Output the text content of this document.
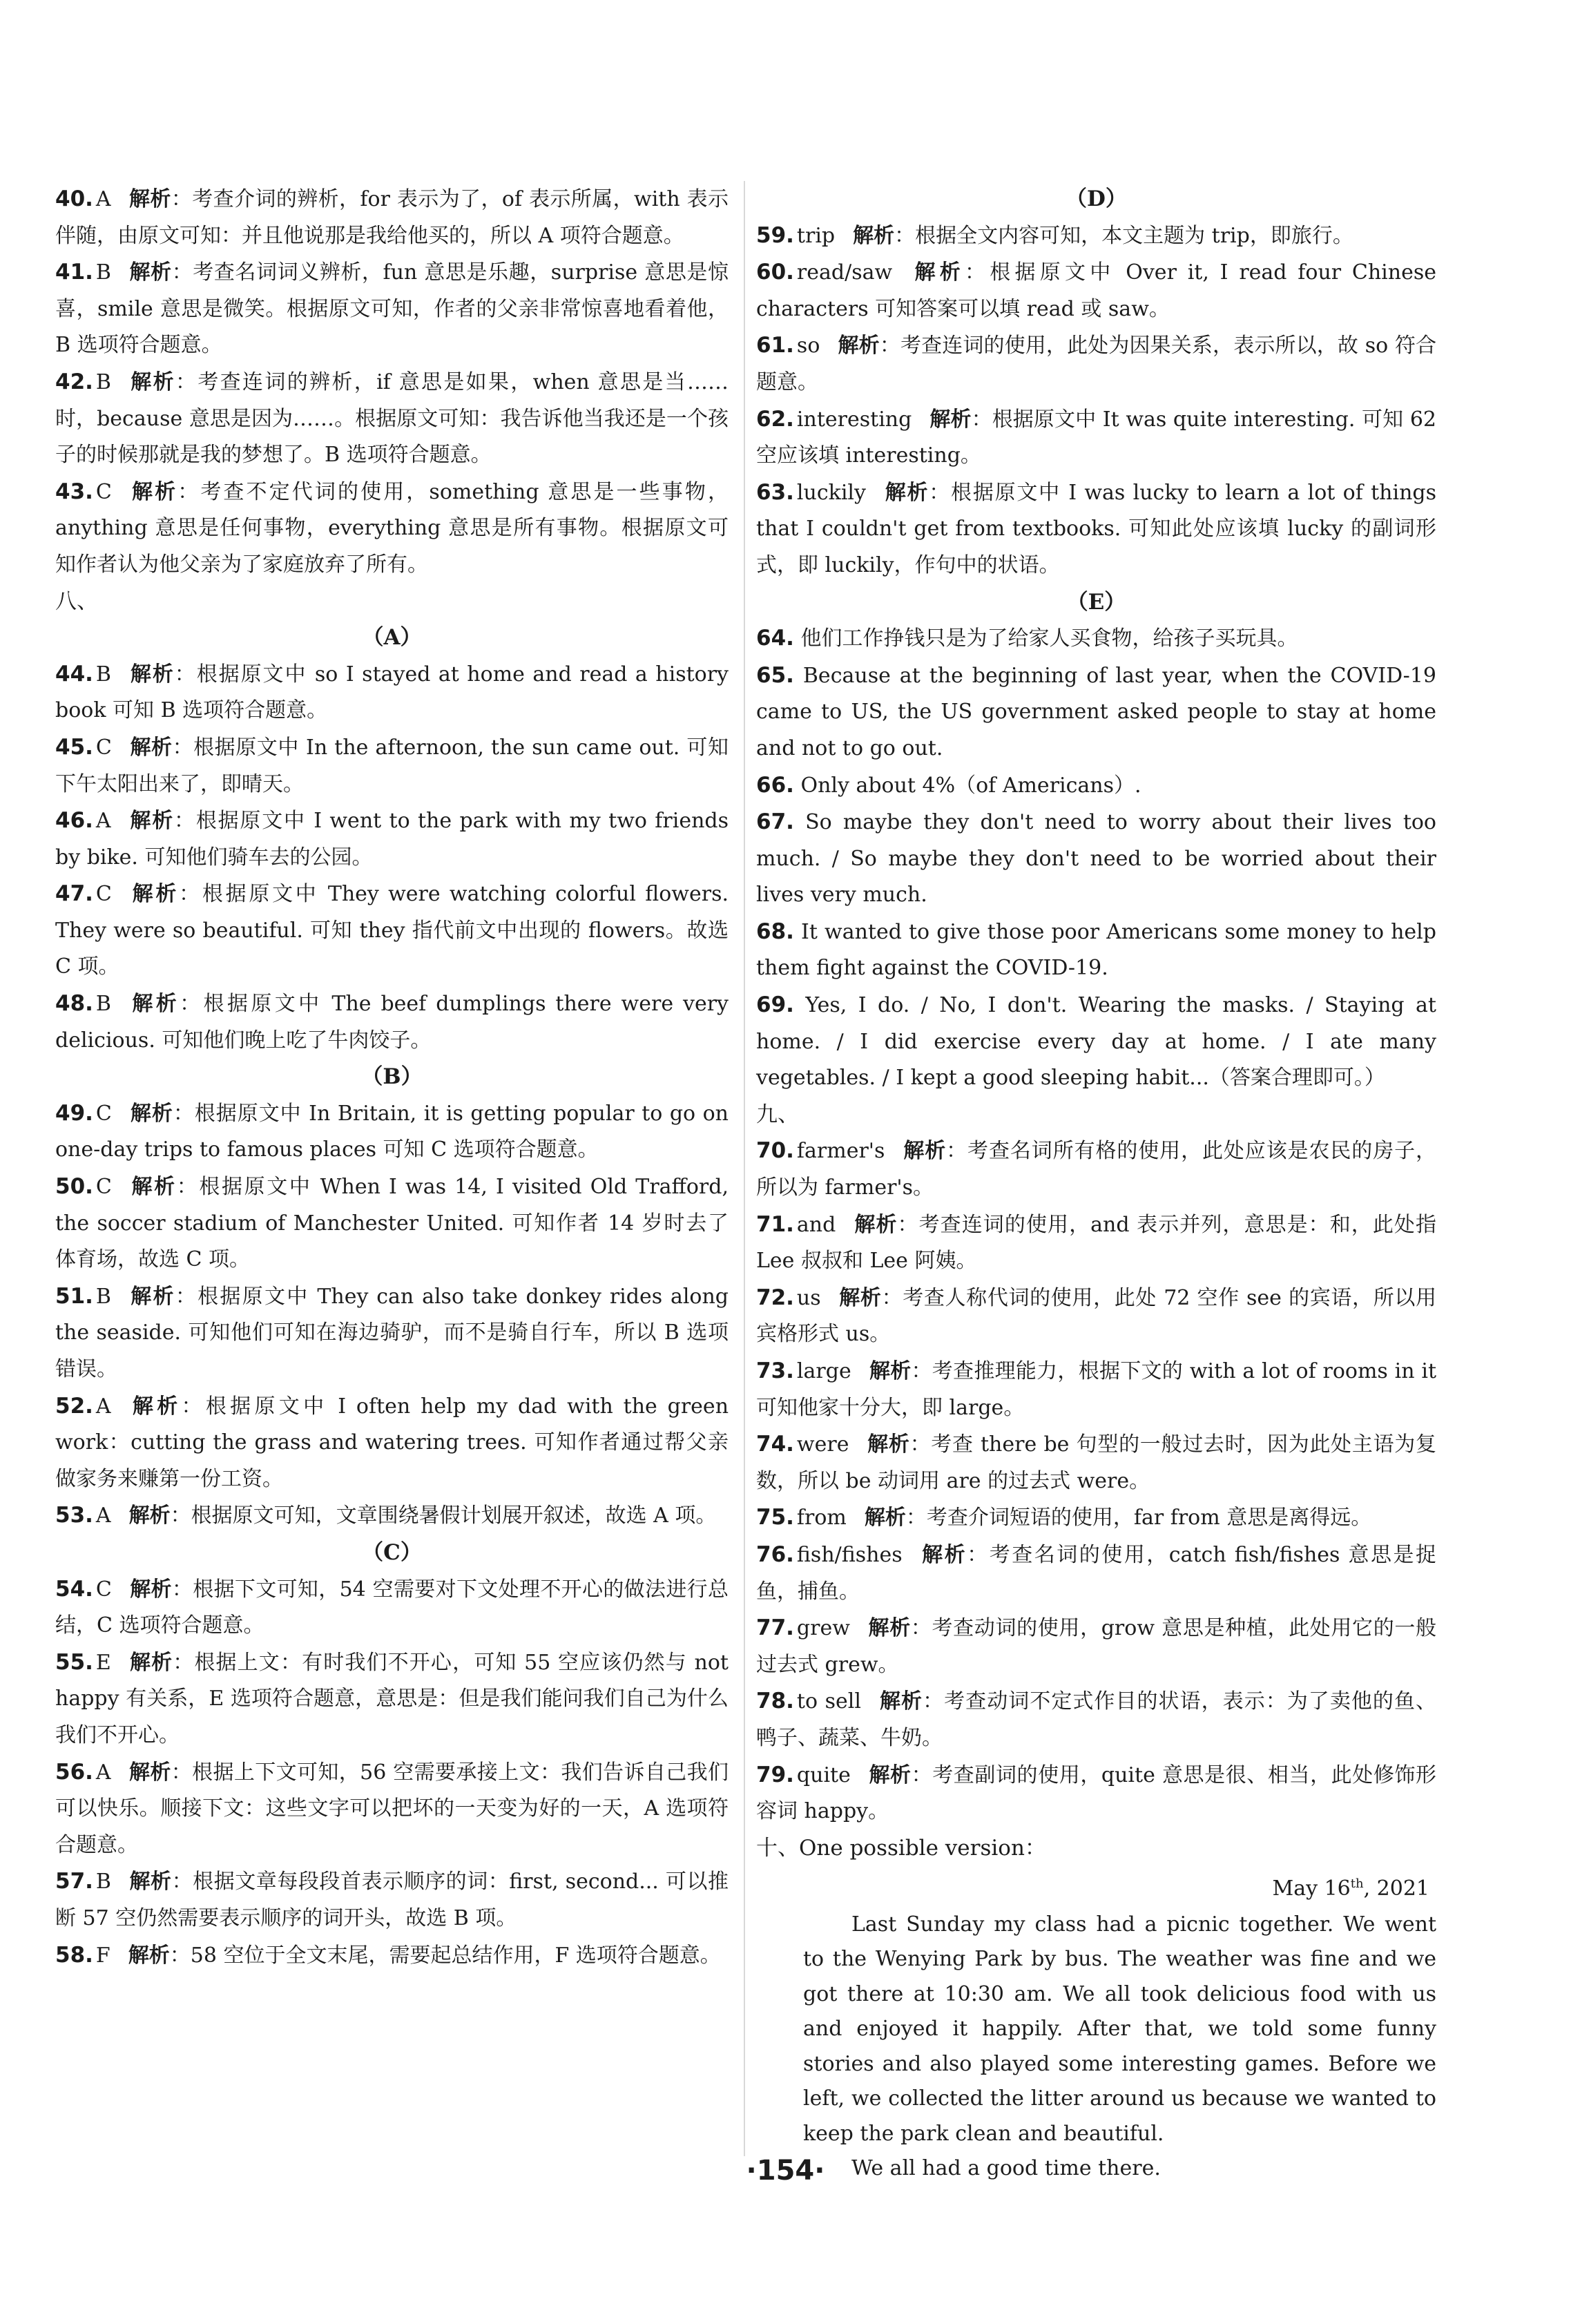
40. A 解析：考查介词的辨析，for 表示为了，of 表示所属，with 表示伴随，由原文可知：并且他说那是我给他买的，所以 A 项符合题意。
41. B 解析：考查名词词义辨析，fun 意思是乐趣，surprise 意思是惊喜，smile 意思是微笑。根据原文可知，作者的父亲非常惊喜地看着他，B 选项符合题意。
42. B 解析：考查连词的辨析，if 意思是如果，when 意思是当……时，because 意思是因为……。根据原文可知：我告诉他当我还是一个孩子的时候那就是我的梦想了。B 选项符合题意。
43. C 解析：考查不定代词的使用，something 意思是一些事物，anything 意思是任何事物，everything 意思是所有事物。根据原文可知作者认为他父亲为了家庭放弃了所有。
八、
（A）
44. B 解析：根据原文中 so I stayed at home and read a history book 可知 B 选项符合题意。
45. C 解析：根据原文中 In the afternoon, the sun came out. 可知下午太阳出来了，即晴天。
46. A 解析：根据原文中 I went to the park with my two friends by bike. 可知他们骑车去的公园。
47. C 解析：根据原文中 They were watching colorful flowers. They were so beautiful. 可知 they 指代前文中出现的 flowers。故选 C 项。
48. B 解析：根据原文中 The beef dumplings there were very delicious. 可知他们晚上吃了牛肉饺子。
（B）
49. C 解析：根据原文中 In Britain, it is getting popular to go on one-day trips to famous places 可知 C 选项符合题意。
50. C 解析：根据原文中 When I was 14, I visited Old Trafford, the soccer stadium of Manchester United. 可知作者 14 岁时去了体育场，故选 C 项。
51. B 解析：根据原文中 They can also take donkey rides along the seaside. 可知他们可知在海边骑驴，而不是骑自行车，所以 B 选项错误。
52. A 解析：根据原文中 I often help my dad with the green work：cutting the grass and watering trees. 可知作者通过帮父亲做家务来赚第一份工资。
53. A 解析：根据原文可知，文章围绕暑假计划展开叙述，故选 A 项。
（C）
54. C 解析：根据下文可知，54 空需要对下文处理不开心的做法进行总结，C 选项符合题意。
55. E 解析：根据上文：有时我们不开心，可知 55 空应该仍然与 not happy 有关系，E 选项符合题意，意思是：但是我们能问我们自己为什么我们不开心。
56. A 解析：根据上下文可知，56 空需要承接上文：我们告诉自己我们可以快乐。顺接下文：这些文字可以把坏的一天变为好的一天，A 选项符合题意。
57. B 解析：根据文章每段段首表示顺序的词：first, second... 可以推断 57 空仍然需要表示顺序的词开头，故选 B 项。
58. F 解析：58 空位于全文末尾，需要起总结作用，F 选项符合题意。
（D）
59. trip 解析：根据全文内容可知，本文主题为 trip，即旅行。
60. read/saw 解析：根据原文中 Over it, I read four Chinese characters 可知答案可以填 read 或 saw。
61. so 解析：考查连词的使用，此处为因果关系，表示所以，故 so 符合题意。
62. interesting 解析：根据原文中 It was quite interesting. 可知 62 空应该填 interesting。
63. luckily 解析：根据原文中 I was lucky to learn a lot of things that I couldn't get from textbooks. 可知此处应该填 lucky 的副词形式，即 luckily，作句中的状语。
（E）
64. 他们工作挣钱只是为了给家人买食物，给孩子买玩具。
65. Because at the beginning of last year, when the COVID-19 came to US, the US government asked people to stay at home and not to go out.
66. Only about 4%（of Americans）.
67. So maybe they don't need to worry about their lives too much. / So maybe they don't need to be worried about their lives very much.
68. It wanted to give those poor Americans some money to help them fight against the COVID-19.
69. Yes, I do. / No, I don't. Wearing the masks. / Staying at home. / I did exercise every day at home. / I ate many vegetables. / I kept a good sleeping habit...（答案合理即可。）
九、
70. farmer's 解析：考查名词所有格的使用，此处应该是农民的房子，所以为 farmer's。
71. and 解析：考查连词的使用，and 表示并列，意思是：和，此处指 Lee 叔叔和 Lee 阿姨。
72. us 解析：考查人称代词的使用，此处 72 空作 see 的宾语，所以用宾格形式 us。
73. large 解析：考查推理能力，根据下文的 with a lot of rooms in it 可知他家十分大，即 large。
74. were 解析：考查 there be 句型的一般过去时，因为此处主语为复数，所以 be 动词用 are 的过去式 were。
75. from 解析：考查介词短语的使用，far from 意思是离得远。
76. fish/fishes 解析：考查名词的使用，catch fish/fishes 意思是捉鱼，捕鱼。
77. grew 解析：考查动词的使用，grow 意思是种植，此处用它的一般过去式 grew。
78. to sell 解析：考查动词不定式作目的状语，表示：为了卖他的鱼、鸭子、蔬菜、牛奶。
79. quite 解析：考查副词的使用，quite 意思是很、相当，此处修饰形容词 happy。
十、One possible version：
May 16th, 2021

Last Sunday my class had a picnic together. We went to the Wenying Park by bus. The weather was fine and we got there at 10:30 am. We all took delicious food with us and enjoyed it happily. After that, we told some funny stories and also played some interesting games. Before we left, we collected the litter around us because we wanted to keep the park clean and beautiful.

We all had a good time there.

·154·
